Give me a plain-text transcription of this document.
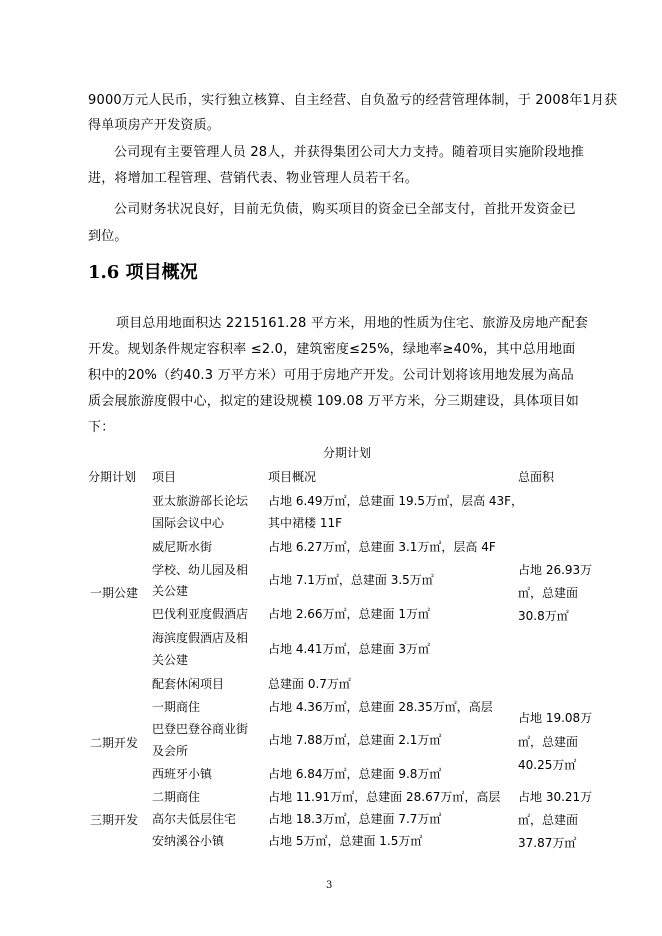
9000万元人民币，实行独立核算、自主经营、自负盈亏的经营管理体制，于 2008年1月获
得单项房产开发资质。
公司现有主要管理人员 28人，并获得集团公司大力支持。随着项目实施阶段地推
进，将增加工程管理、营销代表、物业管理人员若干名。
公司财务状况良好，目前无负债，购买项目的资金已全部支付，首批开发资金已
到位。
1.6 项目概况
项目总用地面积达 2215161.28 平方米，用地的性质为住宅、旅游及房地产配套
开发。规划条件规定容积率 ≤2.0，建筑密度≤25%，绿地率≥40%，其中总用地面
积中的20%（约40.3 万平方米）可用于房地产开发。公司计划将该用地发展为高品
质会展旅游度假中心，拟定的建设规模 109.08 万平方米，分三期建设，具体项目如
下：
分期计划
分期计划 项目	项目概况	总面积
一期公建
二期开发
三期开发
亚太旅游部长论坛
国际会议中心
威尼斯水街
学校、幼儿园及相
关公建
巴伐利亚度假酒店
海滨度假酒店及相
关公建
配套休闲项目
一期商住
巴登巴登谷商业街
及会所
西班牙小镇
二期商住
高尔夫低层住宅
安纳溪谷小镇
占地 6.49万㎡，总建面 19.5万㎡，层高 43F，
其中裙楼 11F
占地 6.27万㎡，总建面 3.1万㎡，层高 4F
占地 7.1万㎡，总建面 3.5万㎡
占地 2.66万㎡，总建面 1万㎡
占地 4.41万㎡，总建面 3万㎡
总建面 0.7万㎡
占地 4.36万㎡，总建面 28.35万㎡，高层
占地 7.88万㎡，总建面 2.1万㎡
占地 6.84万㎡，总建面 9.8万㎡
占地 11.91万㎡，总建面 28.67万㎡，高层
占地 18.3万㎡，总建面 7.7万㎡
占地 5万㎡，总建面 1.5万㎡
占地 26.93万
㎡，总建面
30.8万㎡
占地 19.08万
㎡，总建面
40.25万㎡
占地 30.21万
㎡，总建面
37.87万㎡
3
